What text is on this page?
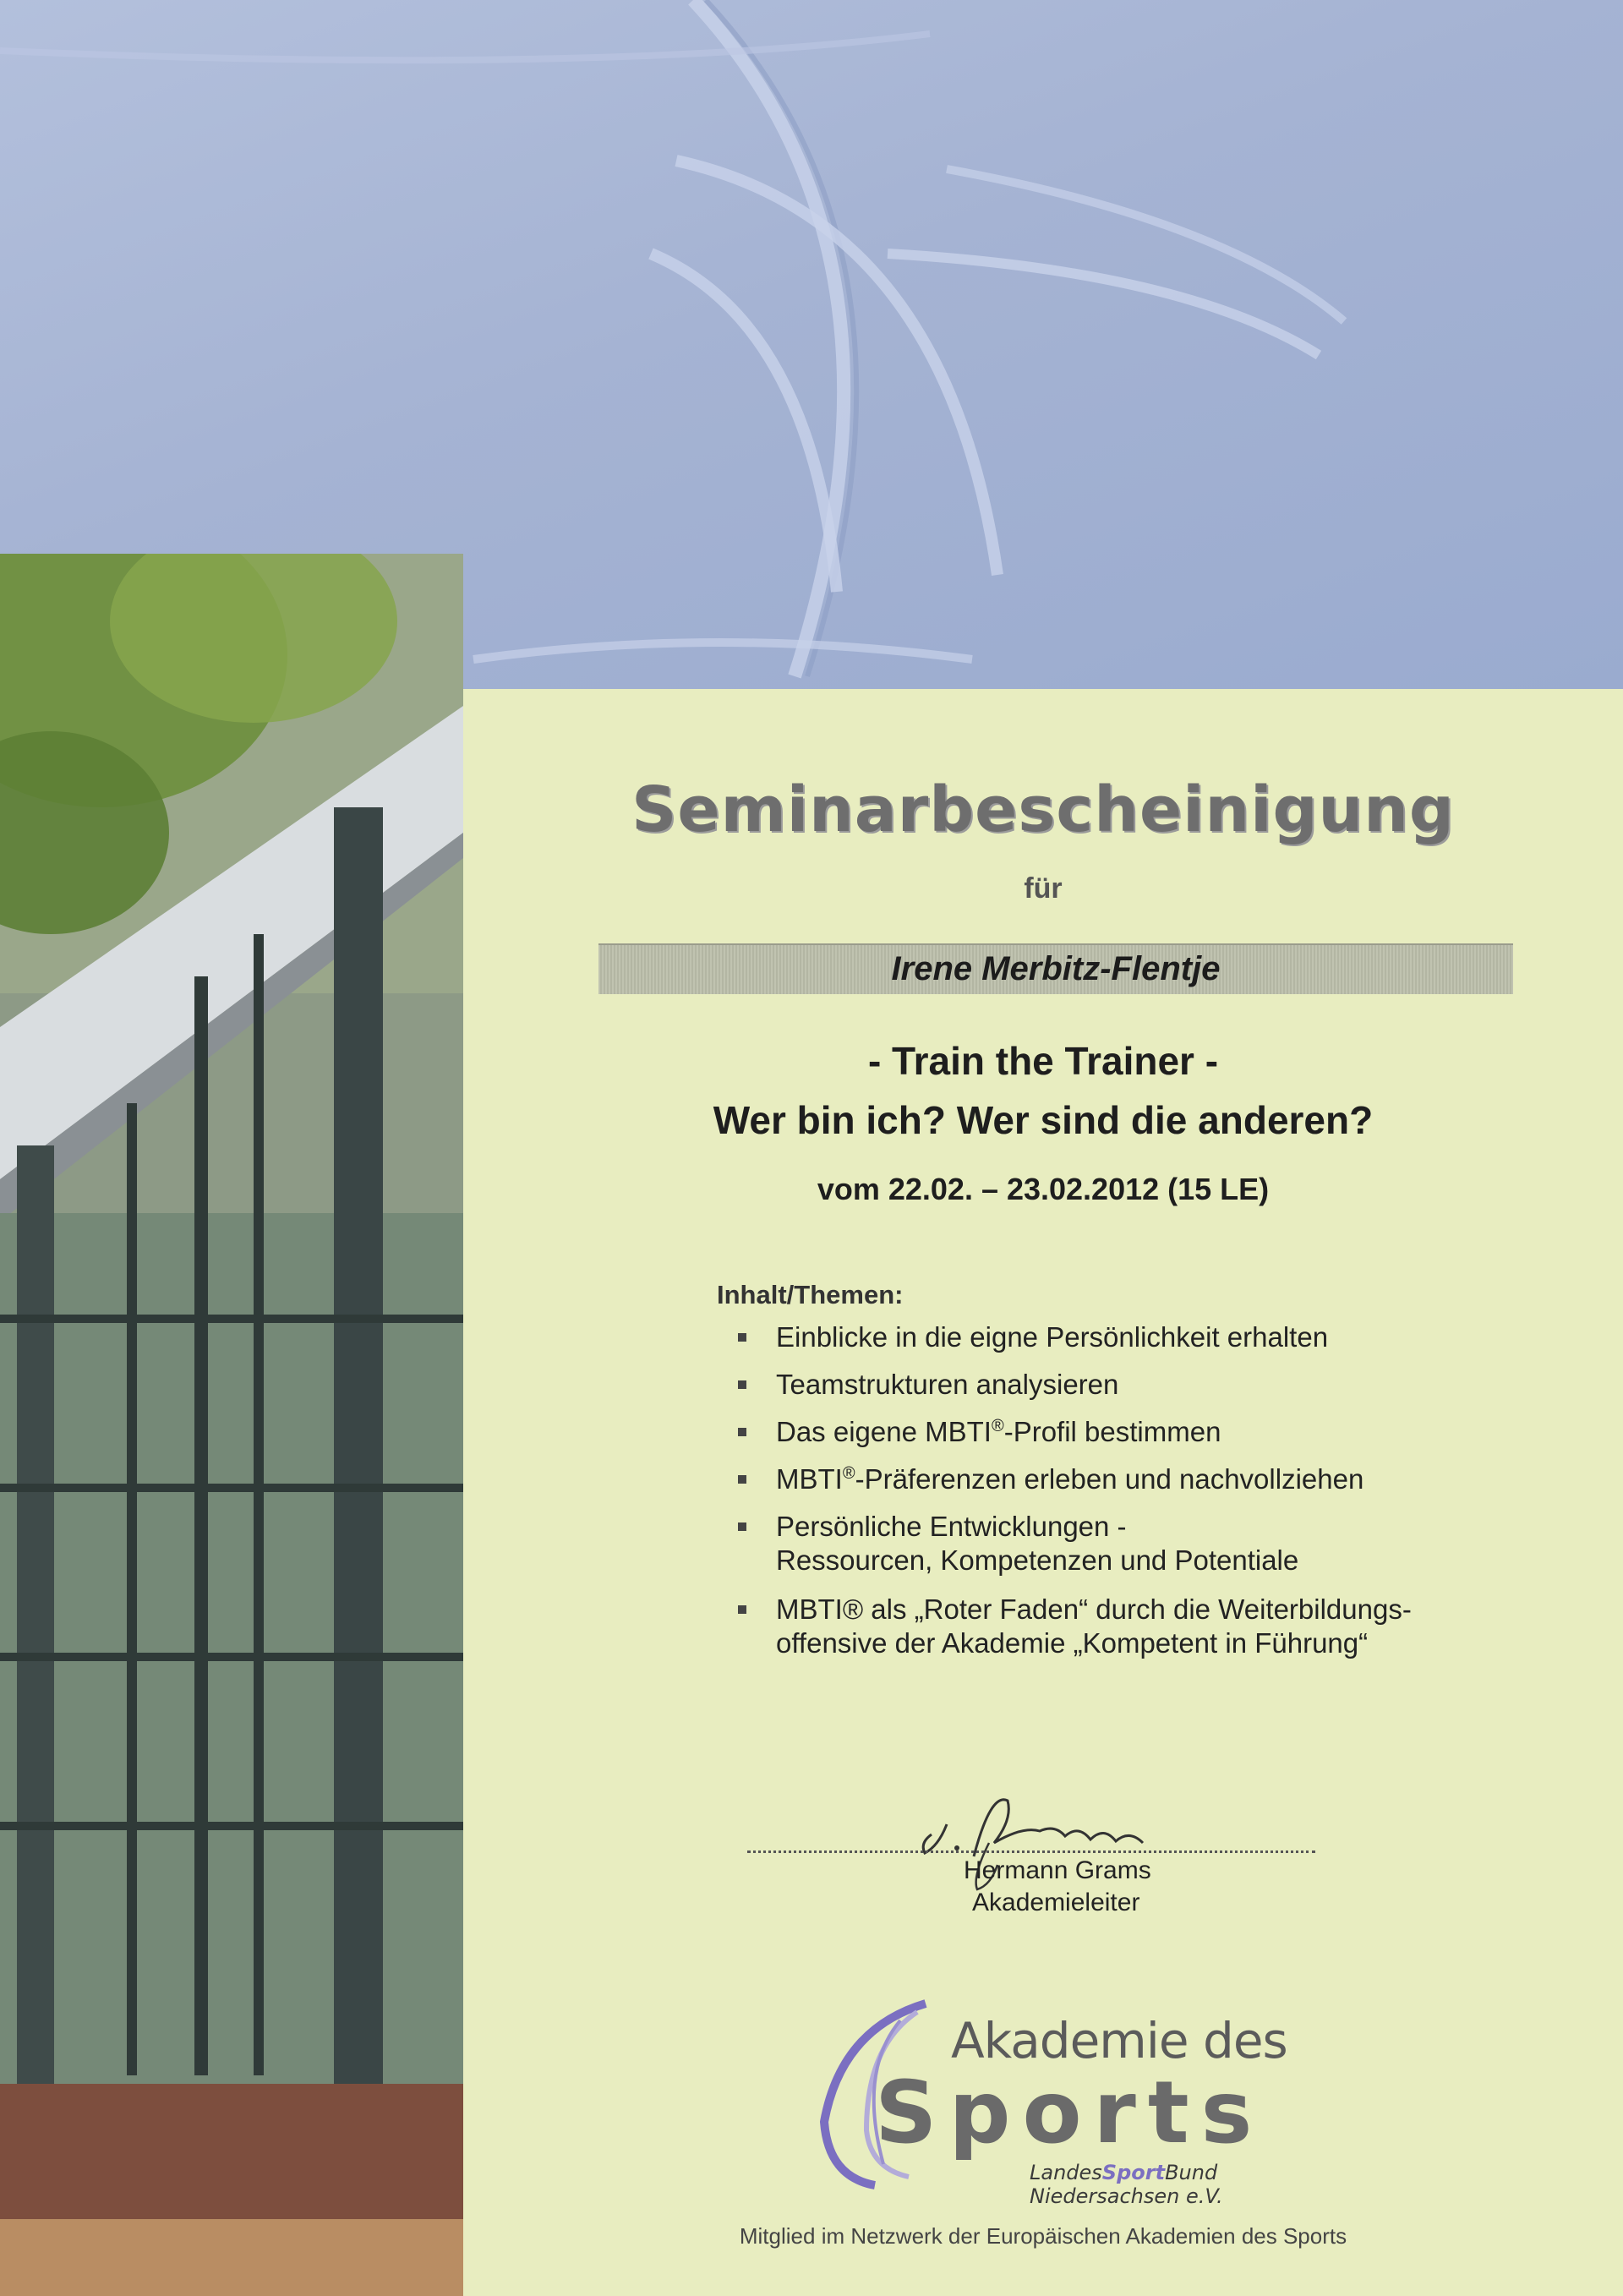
Seminarbescheinigung
für
Irene Merbitz-Flentje
- Train the Trainer -
Wer bin ich? Wer sind die anderen?
vom 22.02. – 23.02.2012 (15 LE)
Inhalt/Themen:
Einblicke in die eigne Persönlichkeit erhalten
Teamstrukturen analysieren
Das eigene MBTI®-Profil bestimmen
MBTI®-Präferenzen erleben und nachvollziehen
Persönliche Entwicklungen -
Ressourcen, Kompetenzen und Potentiale
MBTI® als „Roter Faden“ durch die Weiterbildungs-
offensive der Akademie „Kompetent in Führung“
Hermann Grams
Akademieleiter
Akademie des
Sports
LandesSportBund
Niedersachsen e.V.
Mitglied im Netzwerk der Europäischen Akademien des Sports
